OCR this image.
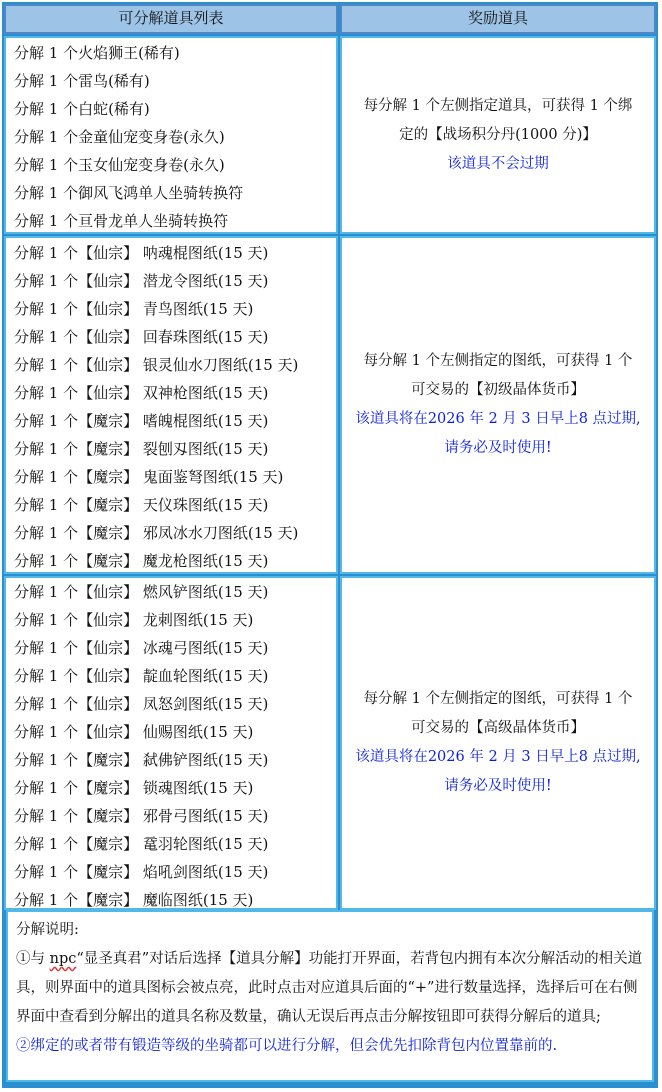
可分解道具列表	奖励道具
分解 1 个火焰狮王(稀有)
分解 1 个雷鸟(稀有)
分解 1 个白蛇(稀有)
分解 1 个金童仙宠变身卷(永久)
分解 1 个玉女仙宠变身卷(永久)
分解 1 个御风飞鸿单人坐骑转换符
分解 1 个亘骨龙单人坐骑转换符
每分解 1 个左侧指定道具，可获得 1 个绑
定的【战场积分丹(1000 分)】
该道具不会过期
分解 1 个【仙宗】 呐魂棍图纸(15 天)
分解 1 个【仙宗】 潜龙令图纸(15 天)
分解 1 个【仙宗】 青鸟图纸(15 天)
分解 1 个【仙宗】 回春珠图纸(15 天)
分解 1 个【仙宗】 银灵仙水刀图纸(15 天)
分解 1 个【仙宗】 双神枪图纸(15 天)
分解 1 个【魔宗】 嗜魄棍图纸(15 天)
分解 1 个【魔宗】 裂刨刄图纸(15 天)
分解 1 个【魔宗】 鬼面鉴弩图纸(15 天)
分解 1 个【魔宗】 天仪珠图纸(15 天)
分解 1 个【魔宗】 邪凤冰水刀图纸(15 天)
分解 1 个【魔宗】 魔龙枪图纸(15 天)
每分解 1 个左侧指定的图纸，可获得 1 个
可交易的【初级晶体货币】
该道具将在2026 年 2 月 3 日早上8 点过期,
请务必及时使用!
分解 1 个【仙宗】 燃风铲图纸(15 天)
分解 1 个【仙宗】 龙刺图纸(15 天)
分解 1 个【仙宗】 冰魂弓图纸(15 天)
分解 1 个【仙宗】 靛血轮图纸(15 天)
分解 1 个【仙宗】 凤怒剑图纸(15 天)
分解 1 个【仙宗】 仙赐图纸(15 天)
分解 1 个【魔宗】 弑佛铲图纸(15 天)
分解 1 个【魔宗】 锁魂图纸(15 天)
分解 1 个【魔宗】 邪骨弓图纸(15 天)
分解 1 个【魔宗】 鼋羽轮图纸(15 天)
分解 1 个【魔宗】 焰吼剑图纸(15 天)
分解 1 个【魔宗】 魔临图纸(15 天)
每分解 1 个左侧指定的图纸，可获得 1 个
可交易的【高级晶体货币】
该道具将在2026 年 2 月 3 日早上8 点过期,
请务必及时使用!

分解说明:

①与 npc“显圣真君”对话后选择【道具分解】功能打开界面，若背包内拥有本次分解活动的相关道具，则界面中的道具图标会被点亮，此时点击对应道具后面的“+”进行数量选择，选择后可在右侧界面中查看到分解出的道具名称及数量，确认无误后再点击分解按钮即可获得分解后的道具;

②绑定的或者带有锻造等级的坐骑都可以进行分解，但会优先扣除背包内位置靠前的.
